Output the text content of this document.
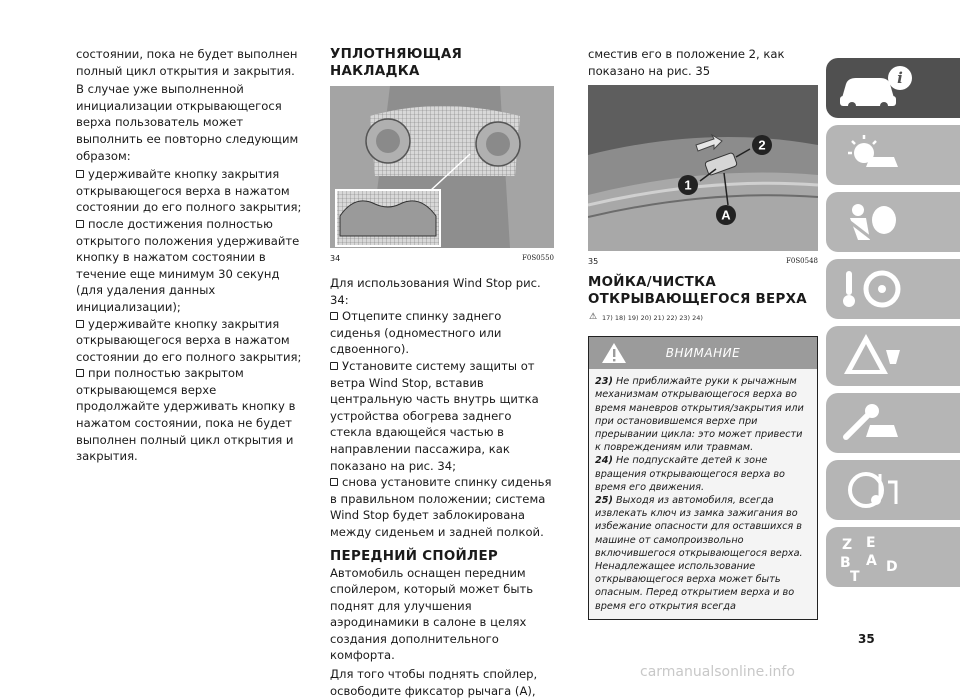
состоянии, пока не будет выполнен полный цикл открытия и закрытия.

В случае уже выполненной инициализации открывающегося верха пользователь может выполнить ее повторно следующим образом:

удерживайте кнопку закрытия открывающегося верха в нажатом состоянии до его полного закрытия;
после достижения полностью открытого положения удерживайте кнопку в нажатом состоянии в течение еще минимум 30 секунд (для удаления данных инициализации);
удерживайте кнопку закрытия открывающегося верха в нажатом состоянии до его полного закрытия;
при полностью закрытом открывающемся верхе продолжайте удерживать кнопку в нажатом состоянии, пока не будет выполнен полный цикл открытия и закрытия.
УПЛОТНЯЮЩАЯ НАКЛАДКА
34	F0S0550

Для использования Wind Stop рис. 34:

Отцепите спинку заднего сиденья (одноместного или сдвоенного).
Установите систему защиты от ветра Wind Stop, вставив центральную часть внутрь щитка устройства обогрева заднего стекла вдающейся частью в направлении пассажира, как показано на рис. 34;
снова установите спинку сиденья в правильном положении; система Wind Stop будет заблокирована между сиденьем и задней полкой.
ПЕРЕДНИЙ СПОЙЛЕР

Автомобиль оснащен передним спойлером, который может быть поднят для улучшения аэродинамики в салоне в целях создания дополнительного комфорта.

Для того чтобы поднять спойлер, освободите фиксатор рычага (A),

сместив его в положение 2, как показано на рис. 35

1
2
A
35	F0S0548
МОЙКА/ЧИСТКА ОТКРЫВАЮЩЕГОСЯ ВЕРХА
⚠ 17) 18) 19) 20) 21) 22) 23) 24)
ВНИМАНИЕ
23) Не приближайте руки к рычажным механизмам открывающегося верха во время маневров открытия/закрытия или при остановившемся верхе при прерывании цикла: это может привести к повреждениям или травмам.
24) Не подпускайте детей к зоне вращения открывающегося верха во время его движения.
25) Выходя из автомобиля, всегда извлекать ключ из замка зажигания во избежание опасности для оставшихся в машине от самопроизвольно включившегося открывающегося верха. Ненадлежащее использование открывающегося верха может быть опасным. Перед открытием верха и во время его открытия всегда
i
Z E
B A
T
D
35
carmanualsonline.info
